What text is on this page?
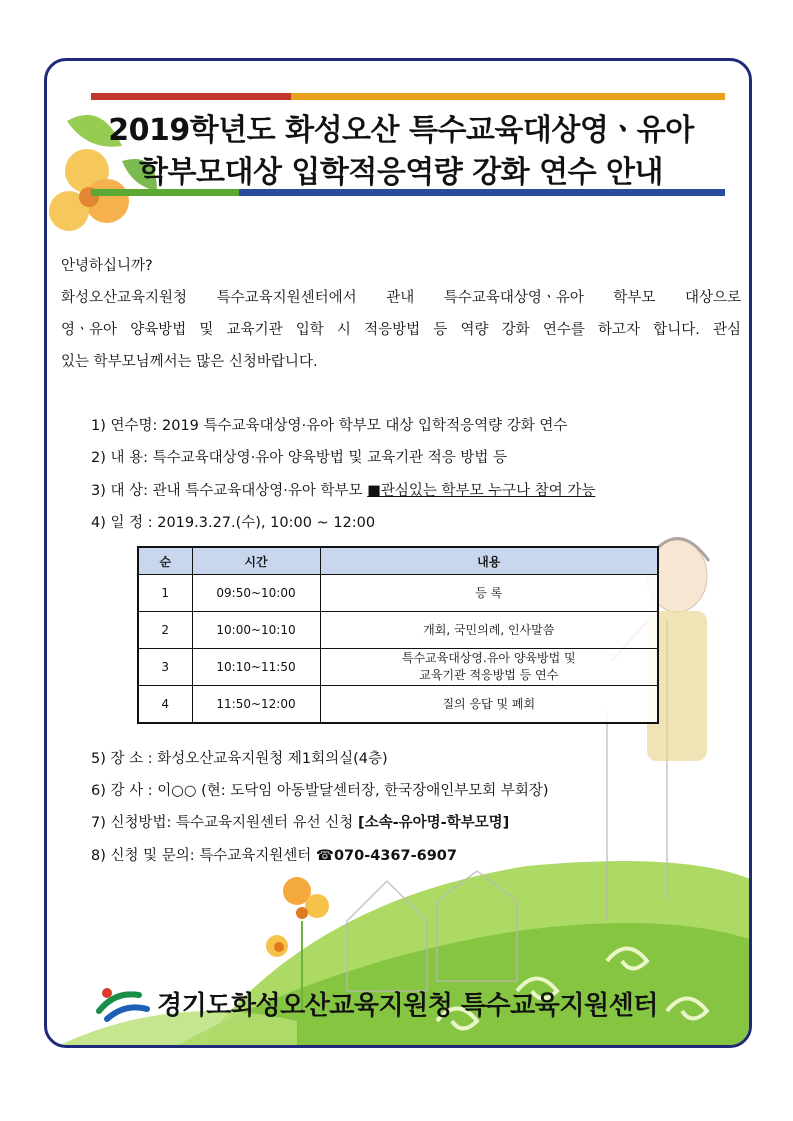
2019학년도 화성오산 특수교육대상영ㆍ유아
학부모대상 입학적응역량 강화 연수 안내
안녕하십니까?
화성오산교육지원청 특수교육지원센터에서 관내 특수교육대상영ㆍ유아 학부모 대상으로
영ㆍ유아 양육방법 및 교육기관 입학 시 적응방법 등 역량 강화 연수를 하고자 합니다. 관심
있는 학부모님께서는 많은 신청바랍니다.
1) 연수명: 2019 특수교육대상영·유아 학부모 대상 입학적응역량 강화 연수
2) 내 용: 특수교육대상영·유아 양육방법 및 교육기관 적응 방법 등
3) 대 상: 관내 특수교육대상영·유아 학부모 ■관심있는 학부모 누구나 참여 가능
4) 일 정 : 2019.3.27.(수), 10:00 ~ 12:00
순	시간	내용
1	09:50~10:00	등 록
2	10:00~10:10	개회, 국민의례, 인사말씀
3	10:10~11:50	특수교육대상영.유아 양육방법 및
교육기관 적응방법 등 연수

4	11:50~12:00	질의 응답 및 폐회
5) 장 소 : 화성오산교육지원청 제1회의실(4층)
6) 강 사 : 이○○ (현: 도닥임 아동발달센터장, 한국장애인부모회 부회장)
7) 신청방법: 특수교육지원센터 유선 신청 [소속-유아명-학부모명]
8) 신청 및 문의: 특수교육지원센터 ☎070-4367-6907
경기도화성오산교육지원청 특수교육지원센터
